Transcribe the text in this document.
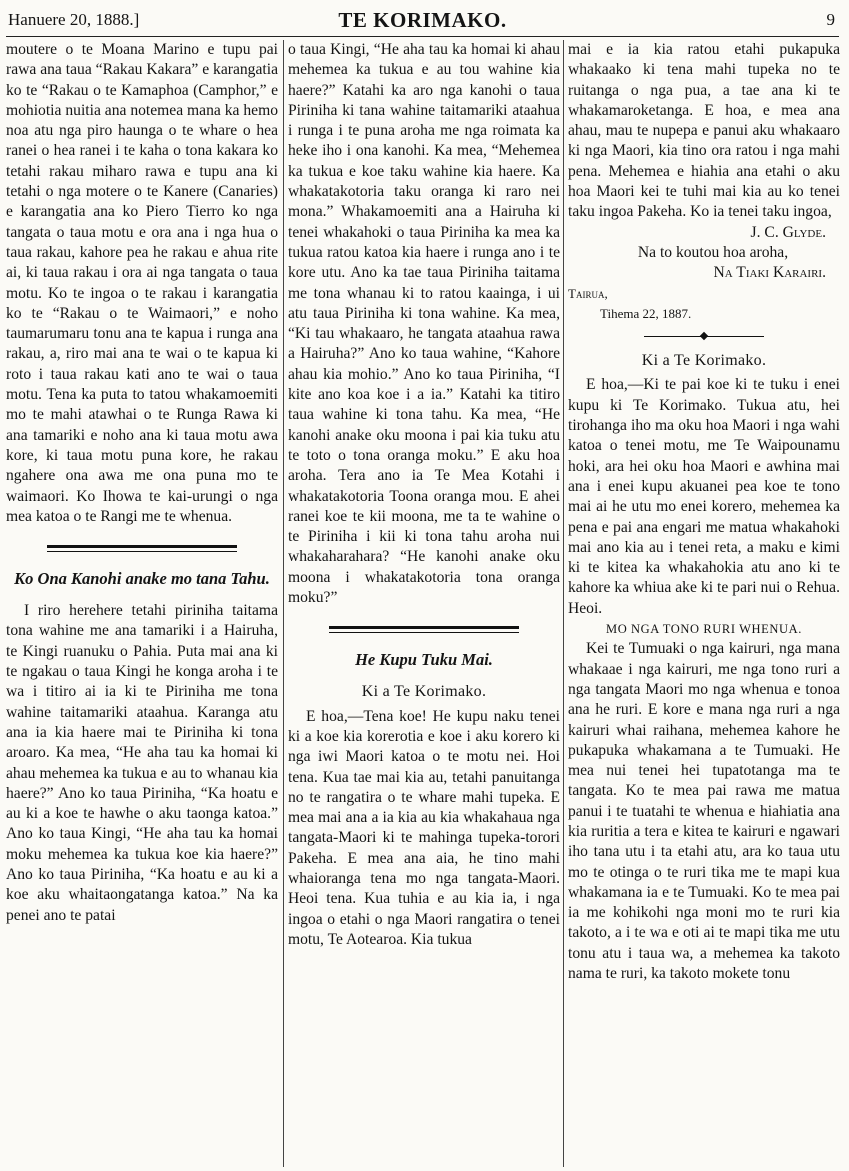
Hanuere 20, 1888.]	TE KORIMAKO.	9

moutere o te Moana Marino e tupu pai rawa ana taua “Rakau Kakara” e karangatia ko te “Rakau o te Kamaphoa (Camphor,” e mohiotia nuitia ana notemea mana ka hemo noa atu nga piro haunga o te whare o hea ranei o hea ranei i te kaha o tona kakara ko tetahi rakau miharo rawa e tupu ana ki tetahi o nga motere o te Kanere (Canaries) e karangatia ana ko Piero Tierro ko nga tangata o taua motu e ora ana i nga hua o taua rakau, kahore pea he rakau e ahua rite ai, ki taua rakau i ora ai nga tangata o taua motu. Ko te ingoa o te rakau i karangatia ko te “Rakau o te Waimaori,” e noho taumarumaru tonu ana te kapua i runga ana rakau, a, riro mai ana te wai o te kapua ki roto i taua rakau kati ano te wai o taua motu. Tena ka puta to tatou whakamoemiti mo te mahi atawhai o te Runga Rawa ki ana tamariki e noho ana ki taua motu awa kore, ki taua motu puna kore, he rakau ngahere ona awa me ona puna mo te waimaori. Ko Ihowa te kai-urungi o nga mea katoa o te Rangi me te whenua.

Ko Ona Kanohi anake mo tana Tahu.

I riro herehere tetahi piriniha taitama tona wahine me ana tamariki i a Hairuha, te Kingi ruanuku o Pahia. Puta mai ana ki te ngakau o taua Kingi he konga aroha i te wa i titiro ai ia ki te Piriniha me tona wahine taitamariki ataahua. Karanga atu ana ia kia haere mai te Piriniha ki tona aroaro. Ka mea, “He aha tau ka homai ki ahau mehemea ka tukua e au to whanau kia haere?” Ano ko taua Piriniha, “Ka hoatu e au ki a koe te hawhe o aku taonga katoa.” Ano ko taua Kingi, “He aha tau ka homai moku mehemea ka tukua koe kia haere?” Ano ko taua Piriniha, “Ka hoatu e au ki a koe aku whaitaongatanga katoa.” Na ka penei ano te patai

o taua Kingi, “He aha tau ka homai ki ahau mehemea ka tukua e au tou wahine kia haere?” Katahi ka aro nga kanohi o taua Piriniha ki tana wahine taitamariki ataahua i runga i te puna aroha me nga roimata ka heke iho i ona kanohi. Ka mea, “Mehemea ka tukua e koe taku wahine kia haere. Ka whakatakotoria taku oranga ki raro nei mona.” Whakamoemiti ana a Hairuha ki tenei whakahoki o taua Piriniha ka mea ka tukua ratou katoa kia haere i runga ano i te kore utu. Ano ka tae taua Piriniha taitama me tona whanau ki to ratou kaainga, i ui atu taua Piriniha ki tona wahine. Ka mea, “Ki tau whakaaro, he tangata ataahua rawa a Hairuha?” Ano ko taua wahine, “Kahore ahau kia mohio.” Ano ko taua Piriniha, “I kite ano koa koe i a ia.” Katahi ka titiro taua wahine ki tona tahu. Ka mea, “He kanohi anake oku moona i pai kia tuku atu te toto o tona oranga moku.” E aku hoa aroha. Tera ano ia Te Mea Kotahi i whakatakotoria Toona oranga mou. E ahei ranei koe te kii moona, me ta te wahine o te Piriniha i kii ki tona tahu aroha nui whakaharahara? “He kanohi anake oku moona i whakatakotoria tona oranga moku?”

He Kupu Tuku Mai.
Ki a Te Korimako.

E hoa,—Tena koe! He kupu naku tenei ki a koe kia korerotia e koe i aku korero ki nga iwi Maori katoa o te motu nei. Hoi tena. Kua tae mai kia au, tetahi panuitanga no te rangatira o te whare mahi tupeka. E mea mai ana a ia kia au kia whakahaua nga tangata-Maori ki te mahinga tupeka-torori Pakeha. E mea ana aia, he tino mahi whaioranga tena mo nga tangata-Maori. Heoi tena. Kua tuhia e au kia ia, i nga ingoa o etahi o nga Maori rangatira o tenei motu, Te Aotearoa. Kia tukua

mai e ia kia ratou etahi pukapuka whakaako ki tena mahi tupeka no te ruitanga o nga pua, a tae ana ki te whakamaroketanga. E hoa, e mea ana ahau, mau te nupepa e panui aku whakaaro ki nga Maori, kia tino ora ratou i nga mahi pena. Mehemea e hiahia ana etahi o aku hoa Maori kei te tuhi mai kia au ko tenei taku ingoa Pakeha. Ko ia tenei taku ingoa,

J. C. Glyde.

Na to koutou hoa aroha,

Na Tiaki Karairi.

Tairua,

Tihema 22, 1887.

Ki a Te Korimako.

E hoa,—Ki te pai koe ki te tuku i enei kupu ki Te Korimako. Tukua atu, hei tirohanga iho ma oku hoa Maori i nga wahi katoa o tenei motu, me Te Waipounamu hoki, ara hei oku hoa Maori e awhina mai ana i enei kupu akuanei pea koe te tono mai ai he utu mo enei korero, mehemea ka pena e pai ana engari me matua whakahoki mai ano kia au i tenei reta, a maku e kimi ki te kitea ka whakahokia atu ano ki te kahore ka whiua ake ki te pari nui o Rehua. Heoi.

MO NGA TONO RURI WHENUA.

Kei te Tumuaki o nga kairuri, nga mana whakaae i nga kairuri, me nga tono ruri a nga tangata Maori mo nga whenua e tonoa ana he ruri. E kore e mana nga ruri a nga kairuri whai raihana, mehemea kahore he pukapuka whakamana a te Tumuaki. He mea nui tenei hei tupatotanga ma te tangata. Ko te mea pai rawa me matua panui i te tuatahi te whenua e hiahiatia ana kia ruritia a tera e kitea te kairuri e ngawari iho tana utu i ta etahi atu, ara ko taua utu mo te otinga o te ruri tika me te mapi kua whakamana ia e te Tumuaki. Ko te mea pai ia me kohikohi nga moni mo te ruri kia takoto, a i te wa e oti ai te mapi tika me utu tonu atu i taua wa, a mehemea ka takoto nama te ruri, ka takoto mokete tonu
